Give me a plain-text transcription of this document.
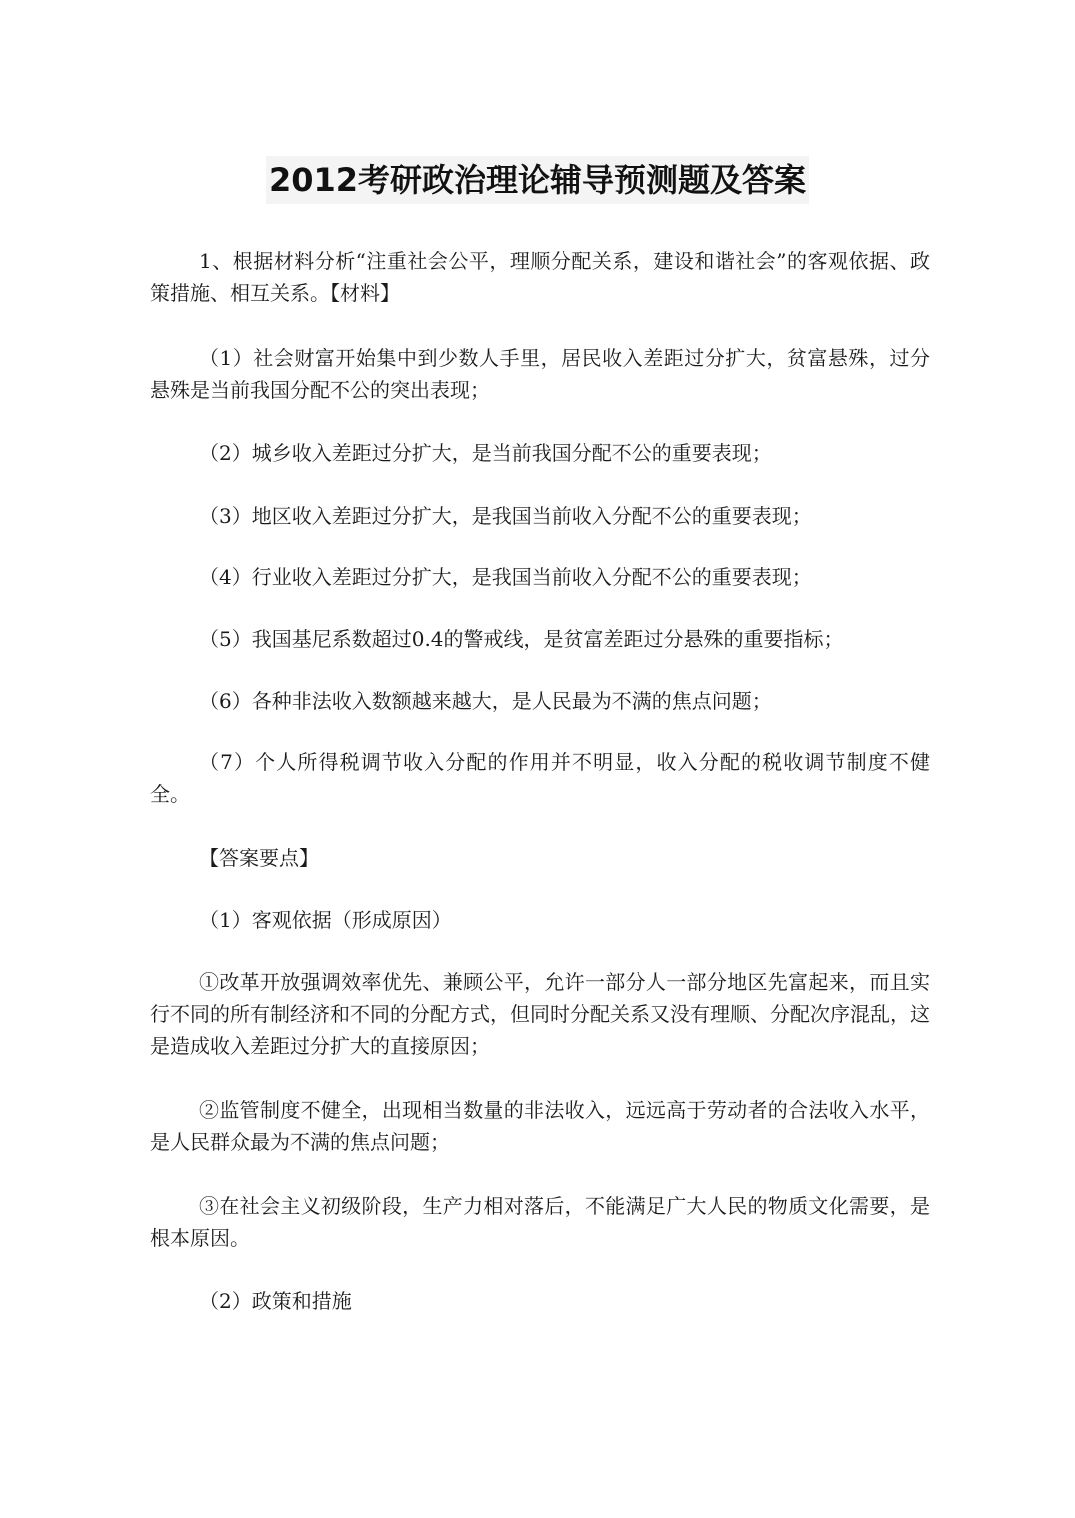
2012考研政治理论辅导预测题及答案

1、根据材料分析“注重社会公平，理顺分配关系，建设和谐社会”的客观依据、政策措施、相互关系。【材料】

（1）社会财富开始集中到少数人手里，居民收入差距过分扩大，贫富悬殊，过分悬殊是当前我国分配不公的突出表现；

（2）城乡收入差距过分扩大，是当前我国分配不公的重要表现；

（3）地区收入差距过分扩大，是我国当前收入分配不公的重要表现；

（4）行业收入差距过分扩大，是我国当前收入分配不公的重要表现；

（5）我国基尼系数超过0.4的警戒线，是贫富差距过分悬殊的重要指标；

（6）各种非法收入数额越来越大，是人民最为不满的焦点问题；

（7）个人所得税调节收入分配的作用并不明显，收入分配的税收调节制度不健全。

【答案要点】

（1）客观依据（形成原因）

①改革开放强调效率优先、兼顾公平，允许一部分人一部分地区先富起来，而且实行不同的所有制经济和不同的分配方式，但同时分配关系又没有理顺、分配次序混乱，这是造成收入差距过分扩大的直接原因；

②监管制度不健全，出现相当数量的非法收入，远远高于劳动者的合法收入水平，是人民群众最为不满的焦点问题；

③在社会主义初级阶段，生产力相对落后，不能满足广大人民的物质文化需要，是根本原因。

（2）政策和措施
